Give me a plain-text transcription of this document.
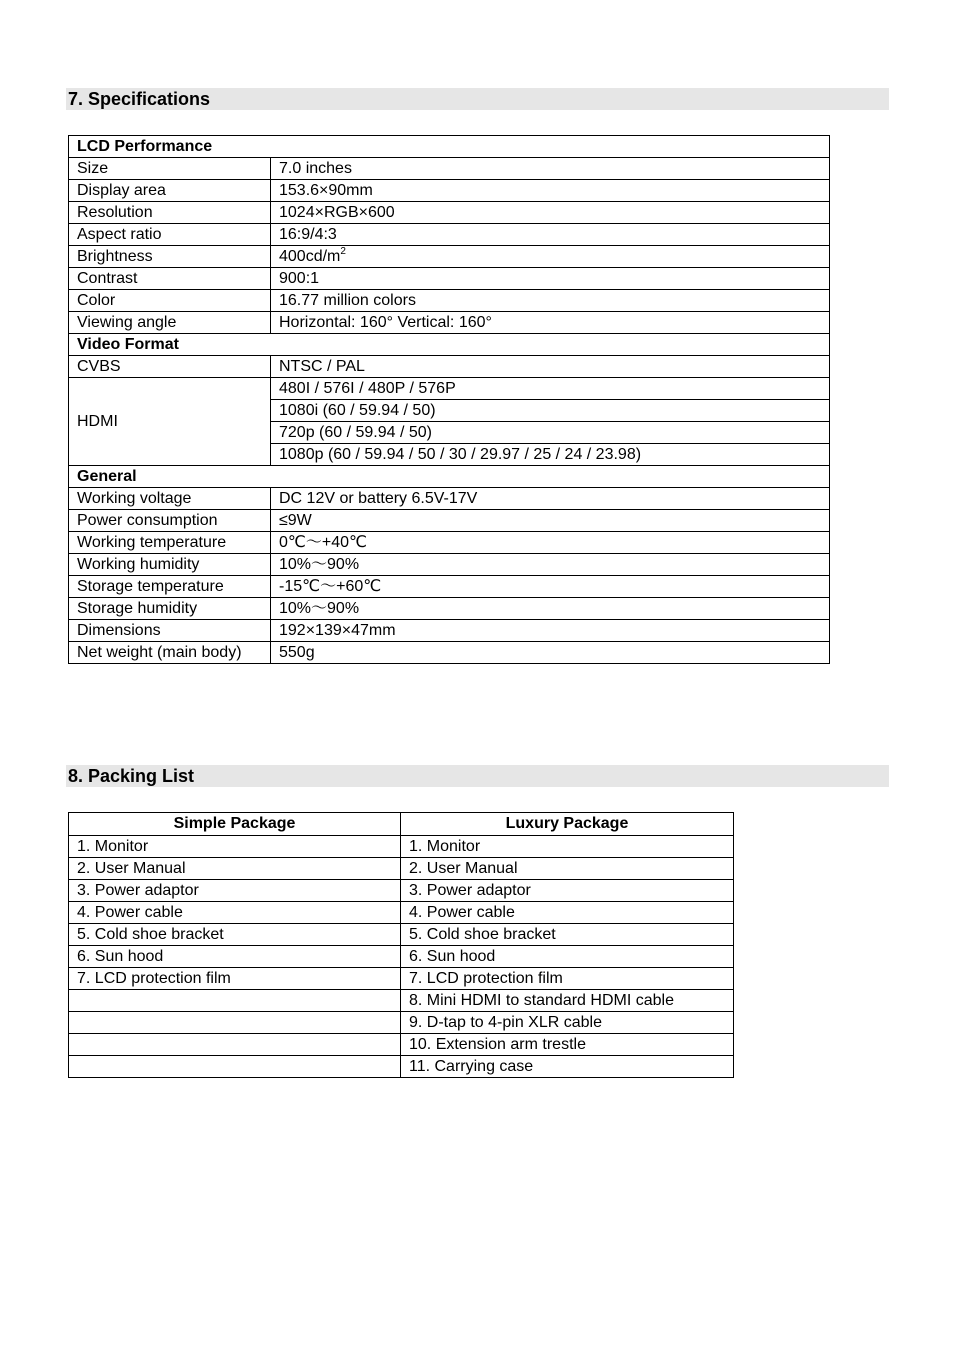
7. Specifications
LCD Performance	
Size	7.0 inches
Display area	153.6×90mm
Resolution	1024×RGB×600
Aspect ratio	16:9/4:3
Brightness	$400cd/m^2$
Contrast	900:1
Color	16.77 million colors
Viewing angle	Horizontal: 160° Vertical: 160°
Video Format	
CVBS	NTSC / PAL
HDMI	480I / 576I / 480P / 576P
	1080i (60 / 59.94 / 50)
	720p (60 / 59.94 / 50)
	1080p (60 / 59.94 / 50 / 30 / 29.97 / 25 / 24 / 23.98)
General	
Working voltage	DC 12V or battery 6.5V-17V
Power consumption	≤9W
Working temperature	0℃～+40℃
Working humidity	10%～90%
Storage temperature	-15℃～+60℃
Storage humidity	10%～90%
Dimensions	192×139×47mm
Net weight (main body)	550g
8. Packing List
Simple Package	Luxury Package
1. Monitor	1. Monitor
2. User Manual	2. User Manual
3. Power adaptor	3. Power adaptor
4. Power cable	4. Power cable
5. Cold shoe bracket	5. Cold shoe bracket
6. Sun hood	6. Sun hood
7. LCD protection film	7. LCD protection film
	8. Mini HDMI to standard HDMI cable
	9. D-tap to 4-pin XLR cable
	10. Extension arm trestle
	11. Carrying case
